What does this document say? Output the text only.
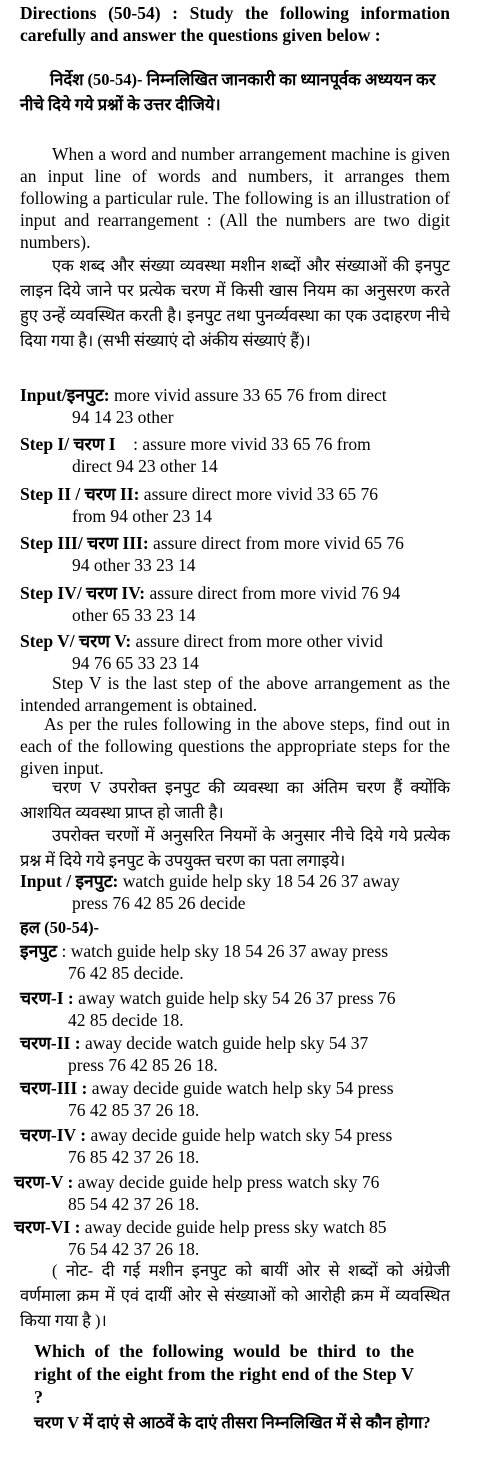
Directions (50-54) : Study the following information carefully and answer the questions given below :

निर्देश (50-54)- निम्नलिखित जानकारी का ध्यानपूर्वक अध्ययन कर नीचे दिये गये प्रश्नों के उत्तर दीजिये।

When a word and number arrangement machine is given an input line of words and numbers, it arranges them following a particular rule. The following is an illustration of input and rearrangement : (All the numbers are two digit numbers).

एक शब्द और संख्या व्यवस्था मशीन शब्दों और संख्याओं की इनपुट लाइन दिये जाने पर प्रत्येक चरण में किसी खास नियम का अनुसरण करते हुए उन्हें व्यवस्थित करती है। इनपुट तथा पुनर्व्यवस्था का एक उदाहरण नीचे दिया गया है। (सभी संख्याएं दो अंकीय संख्याएं हैं)।

Input/इनपुट: more vivid assure 33 65 76 from direct
94 14 23 other
Step I/ चरण I    : assure more vivid 33 65 76 from
direct 94 23 other 14
Step II / चरण II: assure direct more vivid 33 65 76
from 94 other 23 14
Step III/ चरण III: assure direct from more vivid 65 76
94 other 33 23 14
Step IV/ चरण IV: assure direct from more vivid 76 94
other 65 33 23 14
Step V/ चरण V: assure direct from more other vivid
94 76 65 33 23 14

Step V is the last step of the above arrangement as the intended arrangement is obtained.

As per the rules following in the above steps, find out in each of the following questions the appropriate steps for the given input.

चरण V उपरोक्त इनपुट की व्यवस्था का अंतिम चरण हैं क्योंकि आशयित व्यवस्था प्राप्त हो जाती है।

उपरोक्त चरणों में अनुसरित नियमों के अनुसार नीचे दिये गये प्रत्येक प्रश्न में दिये गये इनपुट के उपयुक्त चरण का पता लगाइये।

Input / इनपुट: watch guide help sky 18 54 26 37 away
press 76 42 85 26 decide
हल (50-54)-
इनपुट : watch guide help sky 18 54 26 37 away press
76 42 85 decide.
चरण-I : away watch guide help sky 54 26 37 press 76
42 85 decide 18.
चरण-II : away decide watch guide help sky 54 37
press 76 42 85 26 18.
चरण-III : away decide guide watch help sky 54 press
76 42 85 37 26 18.
चरण-IV : away decide guide help watch sky 54 press
76 85 42 37 26 18.
चरण-V : away decide guide help press watch sky 76
85 54 42 37 26 18.
चरण-VI : away decide guide help press sky watch 85
76 54 42 37 26 18.

( नोट- दी गई मशीन इनपुट को बायीं ओर से शब्दों को अंग्रेजी वर्णमाला क्रम में एवं दायीं ओर से संख्याओं को आरोही क्रम में व्यवस्थित किया गया है )।

Which of the following would be third to the right of the eight from the right end of the Step V ?

चरण V में दाएं से आठवें के दाएं तीसरा निम्नलिखित में से कौन होगा?
